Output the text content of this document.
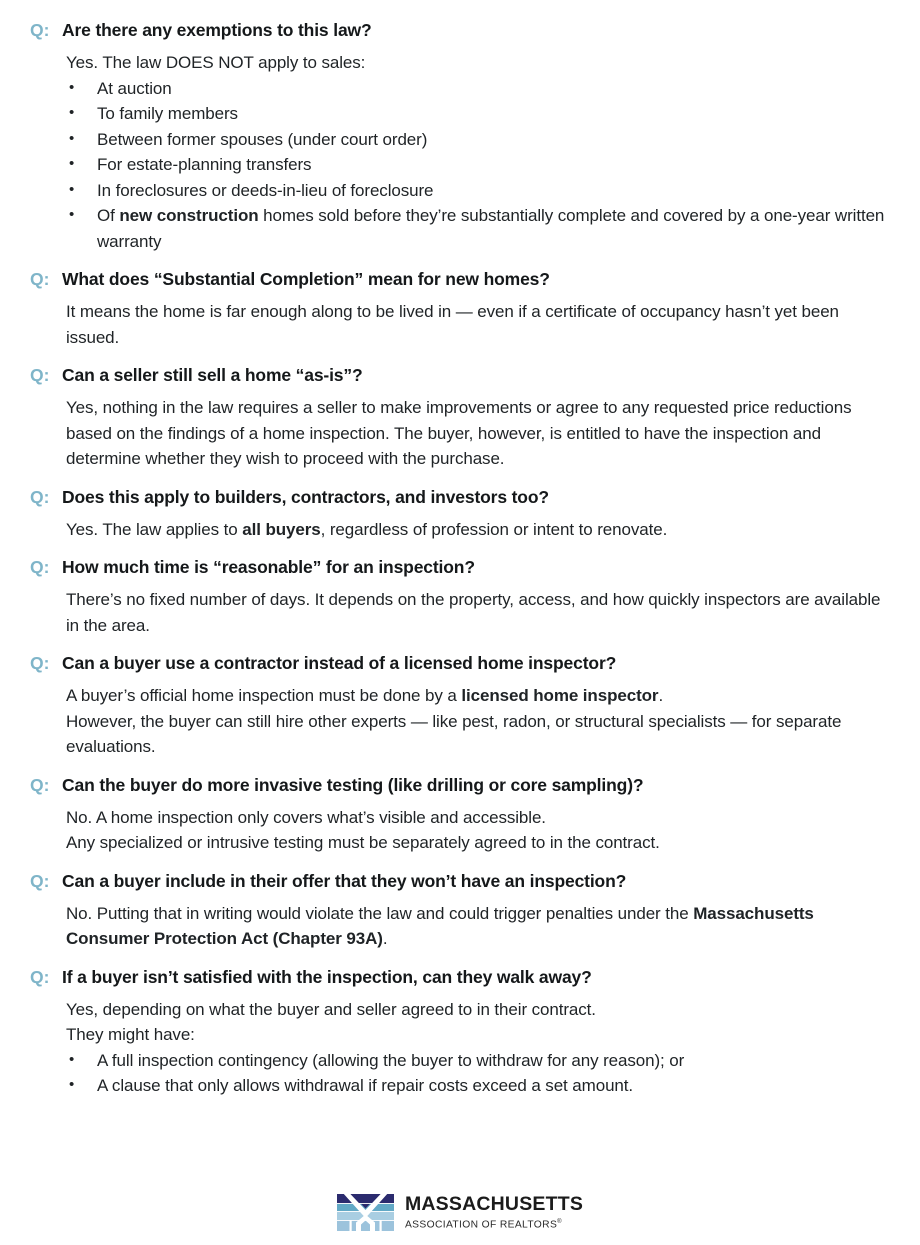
Q: Are there any exemptions to this law?

Yes. The law DOES NOT apply to sales:

• At auction
• To family members
• Between former spouses (under court order)
• For estate-planning transfers
• In foreclosures or deeds-in-lieu of foreclosure
• Of new construction homes sold before they’re substantially complete and covered by a one-year written warranty
Q: What does “Substantial Completion” mean for new homes?

It means the home is far enough along to be lived in — even if a certificate of occupancy hasn’t yet been issued.

Q: Can a seller still sell a home “as-is”?

Yes, nothing in the law requires a seller to make improvements or agree to any requested price reductions based on the findings of a home inspection. The buyer, however, is entitled to have the inspection and determine whether they wish to proceed with the purchase.

Q: Does this apply to builders, contractors, and investors too?

Yes. The law applies to all buyers, regardless of profession or intent to renovate.

Q: How much time is “reasonable” for an inspection?

There’s no fixed number of days. It depends on the property, access, and how quickly inspectors are available in the area.

Q: Can a buyer use a contractor instead of a licensed home inspector?

A buyer’s official home inspection must be done by a licensed home inspector.

However, the buyer can still hire other experts — like pest, radon, or structural specialists — for separate evaluations.

Q: Can the buyer do more invasive testing (like drilling or core sampling)?

No. A home inspection only covers what’s visible and accessible.

Any specialized or intrusive testing must be separately agreed to in the contract.

Q: Can a buyer include in their offer that they won’t have an inspection?

No. Putting that in writing would violate the law and could trigger penalties under the Massachusetts Consumer Protection Act (Chapter 93A).

Q: If a buyer isn’t satisfied with the inspection, can they walk away?

Yes, depending on what the buyer and seller agreed to in their contract.

They might have:

• A full inspection contingency (allowing the buyer to withdraw for any reason); or
• A clause that only allows withdrawal if repair costs exceed a set amount.
MASSACHUSETTS
ASSOCIATION OF REALTORS®
